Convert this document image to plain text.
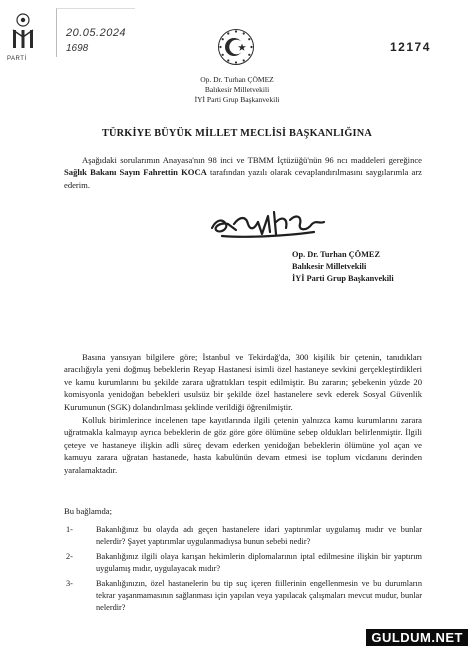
PARTİ
20.05.2024
1698	12174
Op. Dr. Turhan ÇÖMEZ
Balıkesir Milletvekili
İYİ Parti Grup Başkanvekili
TÜRKİYE BÜYÜK MİLLET MECLİSİ BAŞKANLIĞINA
Aşağıdaki sorularımın Anayasa'nın 98 inci ve TBMM İçtüzüğü'nün 96 ncı maddeleri gereğince Sağlık Bakanı Sayın Fahrettin KOCA tarafından yazılı olarak cevaplandırılmasını saygılarımla arz ederim.
Op. Dr. Turhan ÇÖMEZ
Balıkesir Milletvekili
İYİ Parti Grup Başkanvekili
Basına yansıyan bilgilere göre; İstanbul ve Tekirdağ'da, 300 kişilik bir çetenin, tanıdıkları aracılığıyla yeni doğmuş bebeklerin Reyap Hastanesi isimli özel hastaneye sevkini gerçekleştirdikleri ve kamu kurumlarını bu şekilde zarara uğrattıkları tespit edilmiştir. Bu zararın; şebekenin yüzde 20 komisyonla yenidoğan bebekleri usulsüz bir şekilde özel hastanelere sevk ederek Sosyal Güvenlik Kurumunun (SGK) dolandırılması şeklinde verildiği öğrenilmiştir.
Kolluk birimlerince incelenen tape kayıtlarında ilgili çetenin yalnızca kamu kurumlarını zarara uğratmakla kalmayıp ayrıca bebeklerin de göz göre göre ölümüne sebep oldukları belirlenmiştir. İlgili çeteye ve hastaneye ilişkin adli süreç devam ederken yenidoğan bebeklerin ölümüne yol açan ve kamuyu zarara uğratan hastanede, hasta kabulünün devam etmesi ise toplum vicdanını derinden yaralamaktadır.
Bu bağlamda;
1-	Bakanlığınız bu olayda adı geçen hastanelere idari yaptırımlar uygulamış mıdır ve bunlar nelerdir? Şayet yaptırımlar uygulanmadıysa bunun sebebi nedir?
2-	Bakanlığınız ilgili olaya karışan hekimlerin diplomalarının iptal edilmesine ilişkin bir yaptırım uygulamış mıdır, uygulayacak mıdır?
3-	Bakanlığınızın, özel hastanelerin bu tip suç içeren fiillerinin engellenmesin ve bu durumların tekrar yaşanmamasının sağlanması için yapılan veya yapılacak çalışmaları mevcut mudur, bunlar nelerdir?
GULDUM.NET
